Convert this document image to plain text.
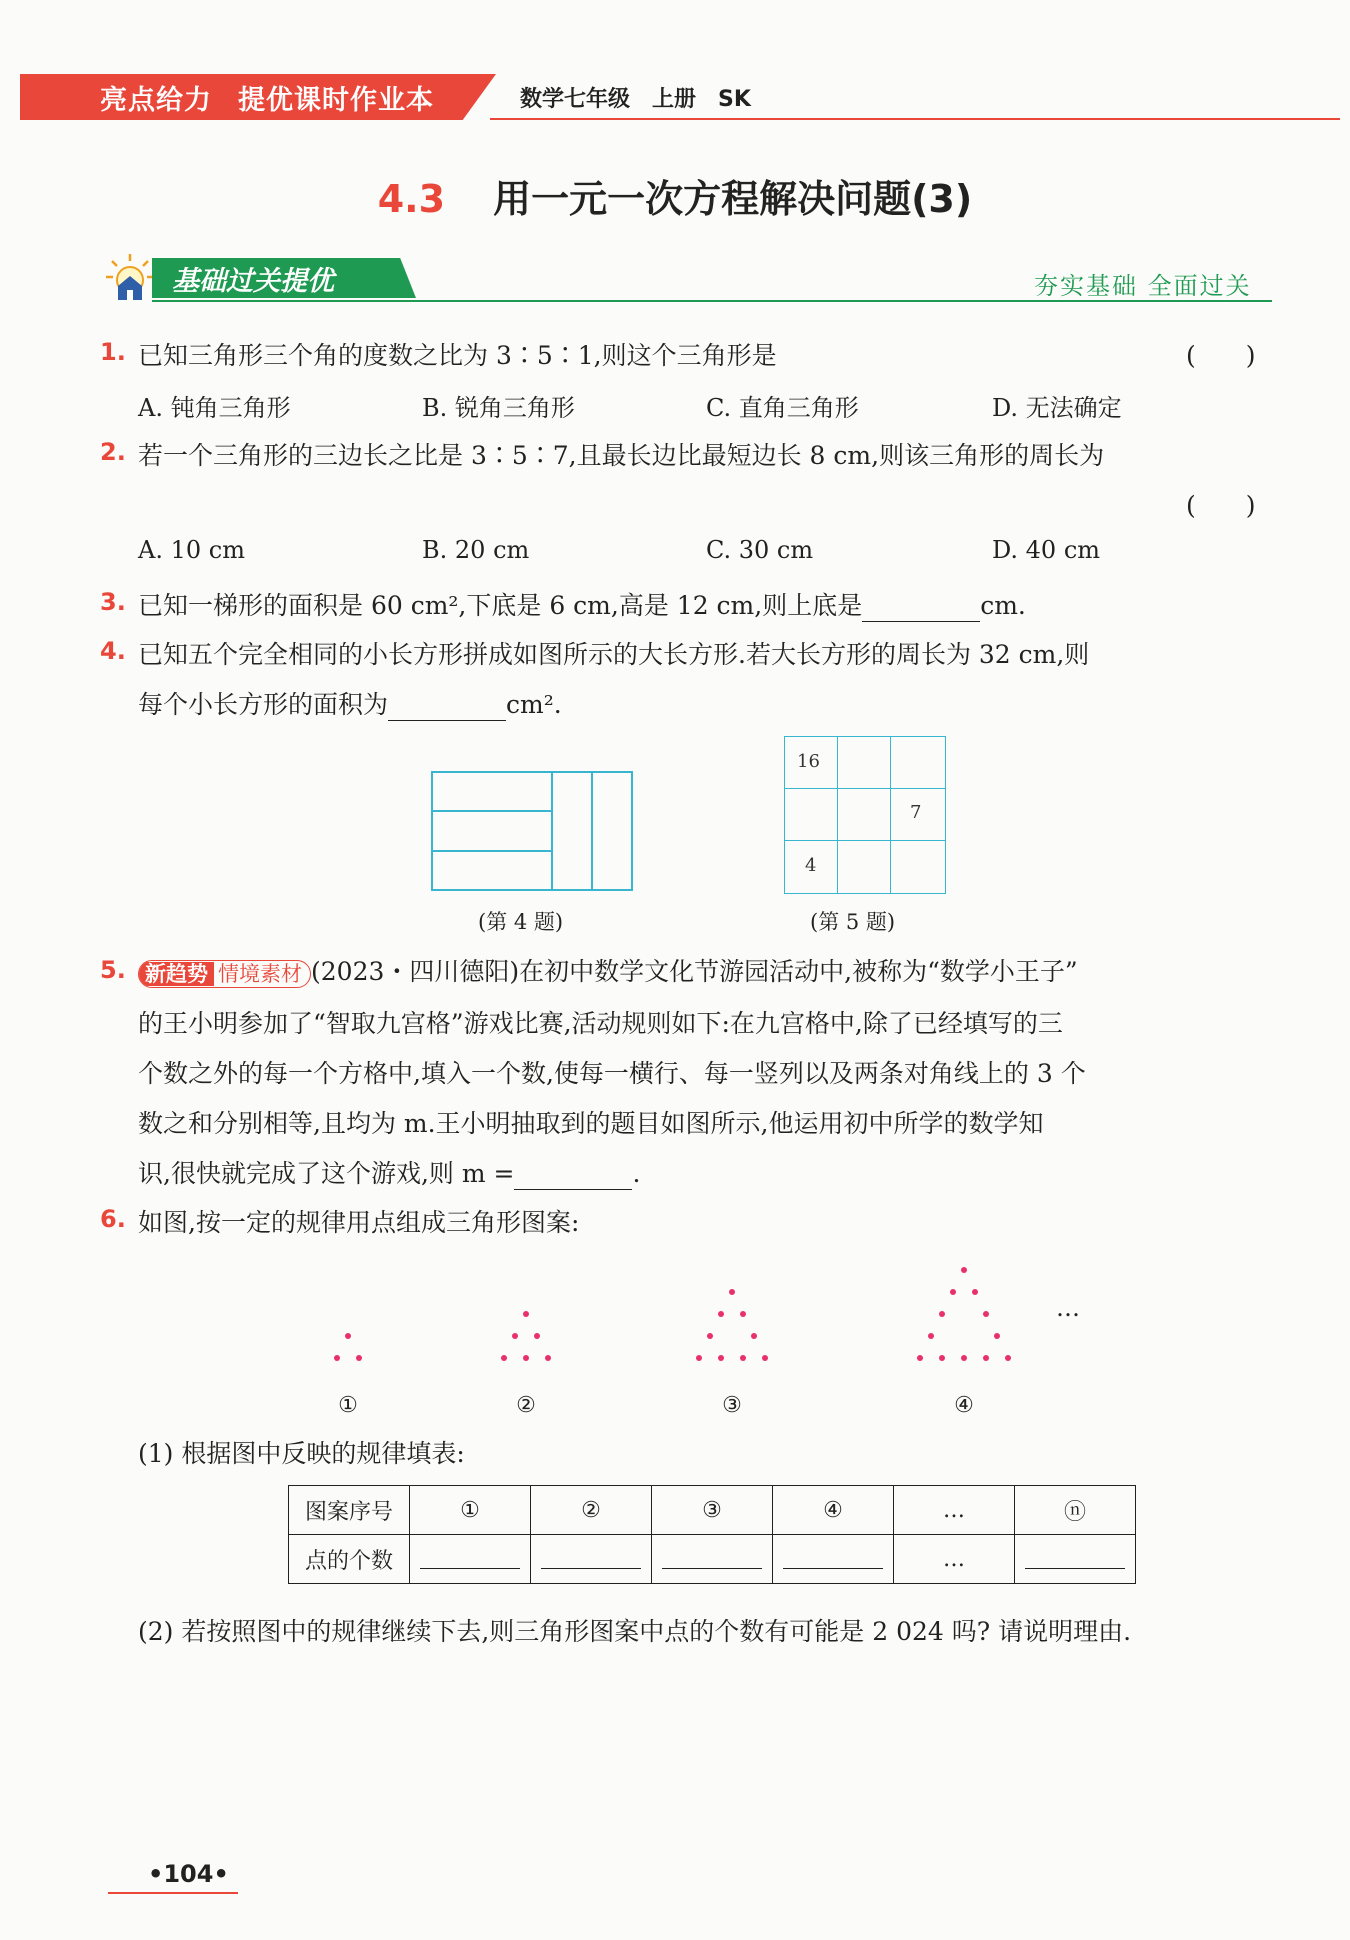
亮点给力 提优课时作业本	数学七年级　上册　SK
4.3 用一元一次方程解决问题(3)
基础过关提优	夯实基础 全面过关
1. 已知三角形三个角的度数之比为 3∶5∶1,则这个三角形是	(　　)
A. 钝角三角形	B. 锐角三角形	C. 直角三角形	D. 无法确定
2. 若一个三角形的三边长之比是 3∶5∶7,且最长边比最短边长 8 cm,则该三角形的周长为
(　　)
A. 10 cm	B. 20 cm	C. 30 cm	D. 40 cm
3. 已知一梯形的面积是 60 cm²,下底是 6 cm,高是 12 cm,则上底是	cm.
4. 已知五个完全相同的小长方形拼成如图所示的大长方形.若大长方形的周长为 32 cm,则
每个小长方形的面积为	cm².
(第 4 题)
16
7
4
(第 5 题)
5. 新趋势 情境素材 (2023・四川德阳)在初中数学文化节游园活动中,被称为“数学小王子”
的王小明参加了“智取九宫格”游戏比赛,活动规则如下:在九宫格中,除了已经填写的三
个数之外的每一个方格中,填入一个数,使每一横行、每一竖列以及两条对角线上的 3 个
数之和分别相等,且均为 m.王小明抽取到的题目如图所示,他运用初中所学的数学知
识,很快就完成了这个游戏,则 m =	.
6. 如图,按一定的规律用点组成三角形图案:
…
①	②	③	④
(1) 根据图中反映的规律填表:
图案序号	①	②	③	④	…	ⓝ
点的个数					…	
(2) 若按照图中的规律继续下去,则三角形图案中点的个数有可能是 2 024 吗? 请说明理由.
•104•
